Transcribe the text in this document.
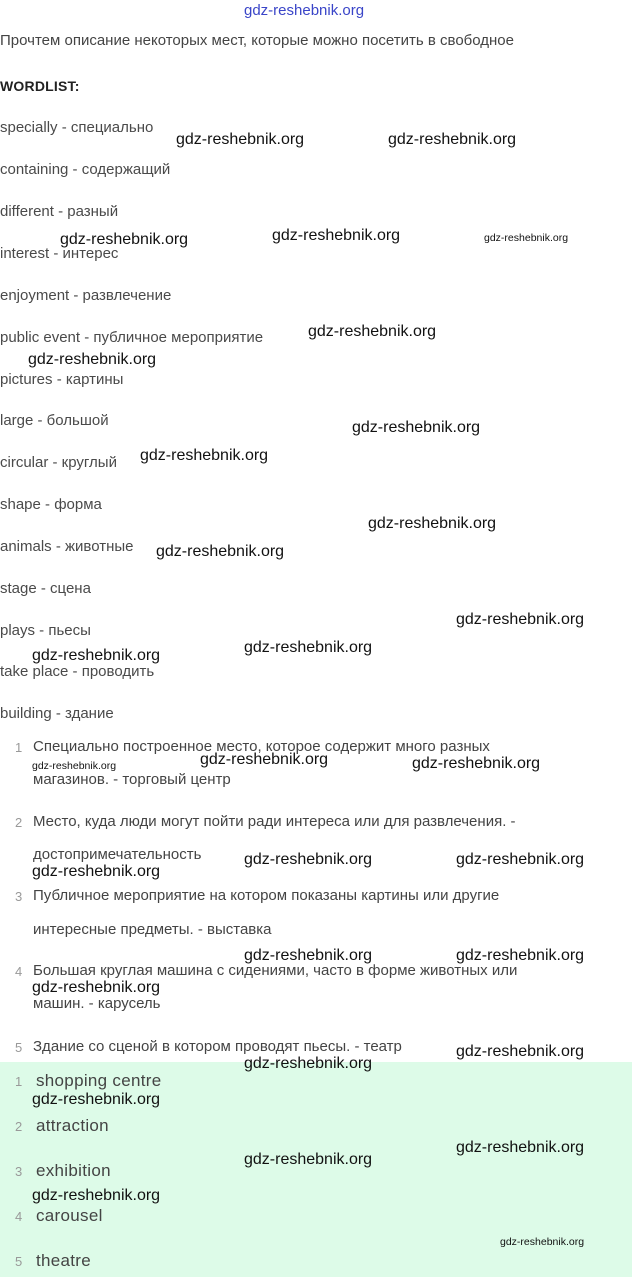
gdz-reshebnik.org
Прочтем описание некоторых мест, которые можно посетить в свободное
WORDLIST:
specially - специально
containing - содержащий
different - разный
interest - интерес
enjoyment - развлечение
public event - публичное мероприятие
pictures - картины
large - большой
circular - круглый
shape - форма
animals - животные
stage - сцена
plays - пьесы
take place - проводить
building - здание
1 Специально построенное место, которое содержит много разных
магазинов. - торговый центр
2 Место, куда люди могут пойти ради интереса или для развлечения. -
достопримечательность
3 Публичное мероприятие на котором показаны картины или другие
интересные предметы. - выставка
4 Большая круглая машина с сидениями, часто в форме животных или
машин. - карусель
5 Здание со сценой в котором проводят пьесы. - театр
1 shopping centre
2 attraction
3 exhibition
4 carousel
5 theatre
gdz-reshebnik.org	gdz-reshebnik.org
gdz-reshebnik.org	gdz-reshebnik.org	gdz-reshebnik.org
gdz-reshebnik.org
gdz-reshebnik.org
gdz-reshebnik.org
gdz-reshebnik.org
gdz-reshebnik.org
gdz-reshebnik.org
gdz-reshebnik.org
gdz-reshebnik.org
gdz-reshebnik.org
gdz-reshebnik.org
gdz-reshebnik.org	gdz-reshebnik.org
gdz-reshebnik.org	gdz-reshebnik.org
gdz-reshebnik.org
gdz-reshebnik.org	gdz-reshebnik.org
gdz-reshebnik.org
gdz-reshebnik.org
gdz-reshebnik.org
gdz-reshebnik.org
gdz-reshebnik.org
gdz-reshebnik.org
gdz-reshebnik.org
gdz-reshebnik.org
